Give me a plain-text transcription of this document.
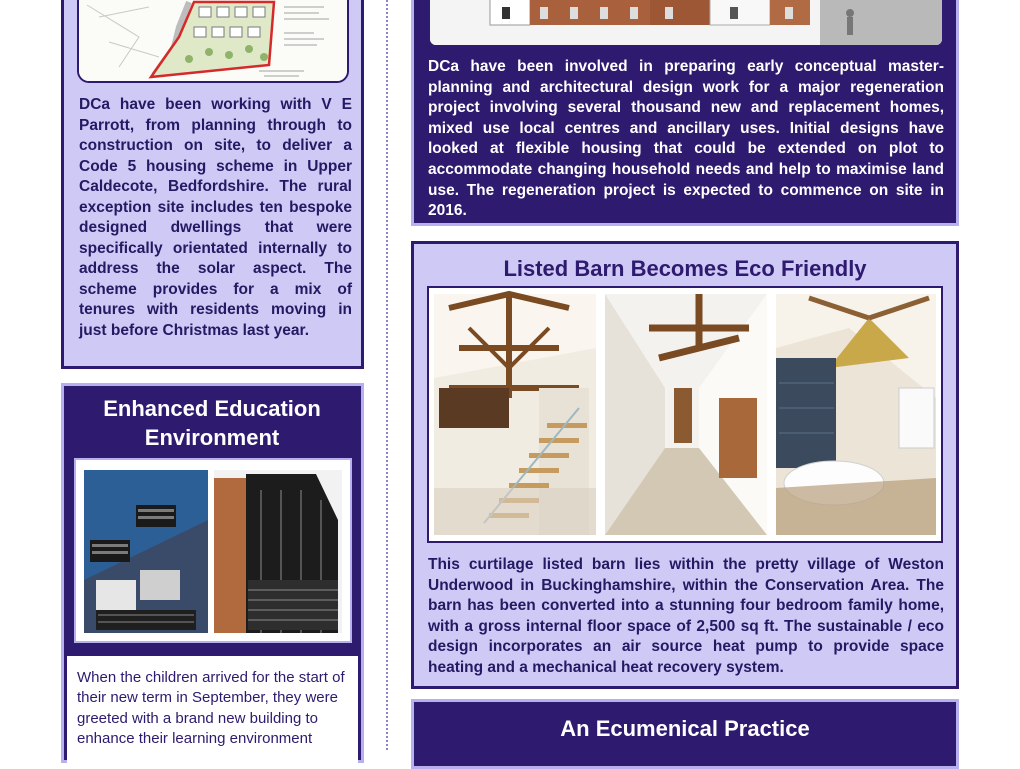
DCa have been working with V E Parrott, from planning through to construction on site, to deliver a Code 5 housing scheme in Upper Caldecote, Bedfordshire. The rural exception site includes ten bespoke designed dwellings that were specifically orientated internally to address the solar aspect. The scheme provides for a mix of tenures with residents moving in just before Christmas last year.
Enhanced Education Environment
When the children arrived for the start of their new term in September, they were greeted with a brand new building to enhance their learning environment
DCa have been involved in preparing early conceptual master-planning and architectural design work for a major regeneration project involving several thousand new and replacement homes, mixed use local centres and ancillary uses. Initial designs have looked at flexible housing that could be extended on plot to accommodate changing household needs and help to maximise land use. The regeneration project is expected to commence on site in 2016.
Listed Barn Becomes Eco Friendly
This curtilage listed barn lies within the pretty village of Weston Underwood in Buckinghamshire, within the Conservation Area. The barn has been converted into a stunning four bedroom family home, with a gross internal floor space of 2,500 sq ft. The sustainable / eco design incorporates an air source heat pump to provide space heating and a mechanical heat recovery system.
An Ecumenical Practice
